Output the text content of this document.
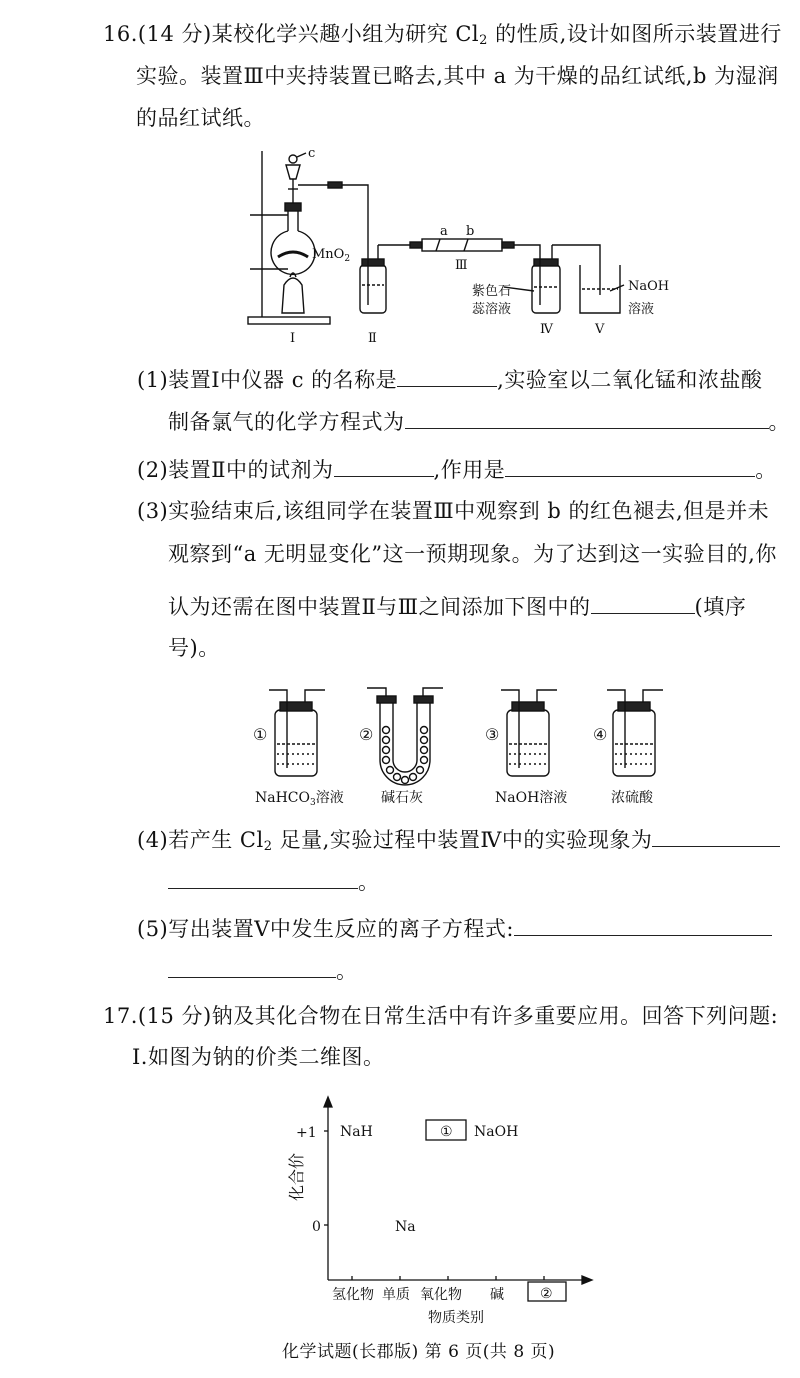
16.(14 分)某校化学兴趣小组为研究 $Cl_2$ 的性质,设计如图所示装置进行
实验。装置Ⅲ中夹持装置已略去,其中 a 为干燥的品红试纸,b 为湿润
的品红试纸。
c
MnO$_2$
a b
Ⅲ
Ⅰ	Ⅱ
Ⅳ	Ⅴ
紫色石
蕊溶液
NaOH
溶液
(1)装置Ⅰ中仪器 c 的名称是	,实验室以二氧化锰和浓盐酸
制备氯气的化学方程式为	。
(2)装置Ⅱ中的试剂为	,作用是	。
(3)实验结束后,该组同学在装置Ⅲ中观察到 b 的红色褪去,但是并未
观察到“a 无明显变化”这一预期现象。为了达到这一实验目的,你
认为还需在图中装置Ⅱ与Ⅲ之间添加下图中的	(填序
号)。
①	②	③	④
NaHCO$_3$溶液	碱石灰	NaOH溶液	浓硫酸
(4)若产生 $Cl_2$ 足量,实验过程中装置Ⅳ中的实验现象为
。
(5)写出装置Ⅴ中发生反应的离子方程式:
。
17.(15 分)钠及其化合物在日常生活中有许多重要应用。回答下列问题:
Ⅰ.如图为钠的价类二维图。
+1
0
化合价
NaH	① NaOH
Na
氢化物 单质 氧化物 碱	②
物质类别
化学试题(长郡版) 第 6 页(共 8 页)
